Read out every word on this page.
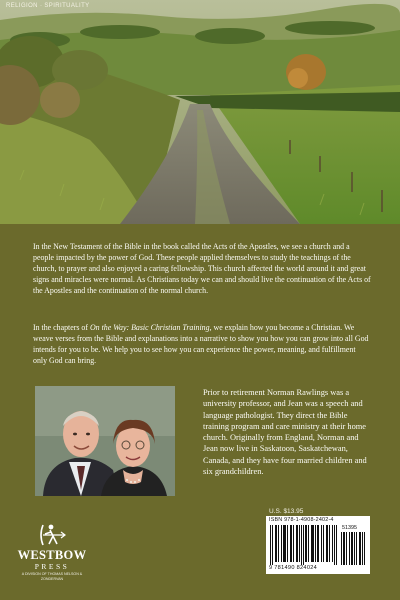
RELIGION · SPIRITUALITY

In the New Testament of the Bible in the book called the Acts of the Apostles, we see a church and a people impacted by the power of God. These people applied themselves to study the teachings of the church, to prayer and also enjoyed a caring fellowship. This church affected the world around it and great signs and miracles were normal. As Christians today we can and should live the continuation of the Acts of the Apostles and the continuation of the normal church.

In the chapters of On the Way: Basic Christian Training, we explain how you become a Christian. We weave verses from the Bible and explanations into a narrative to show you how you can grow into all God intends for you to be. We help you to see how you can experience the power, meaning, and fulfillment only God can bring.

Prior to retirement Norman Rawlings was a university professor, and Jean was a speech and language pathologist. They direct the Bible training program and care ministry at their home church. Originally from England, Norman and Jean now live in Saskatoon, Saskatchewan, Canada, and they have four married children and six grandchildren.

U.S. $13.95
ISBN 978-1-4908-2402-4
9 781490 824024
51395
WESTBOW
PRESS
A DIVISION OF THOMAS NELSON & ZONDERVAN
